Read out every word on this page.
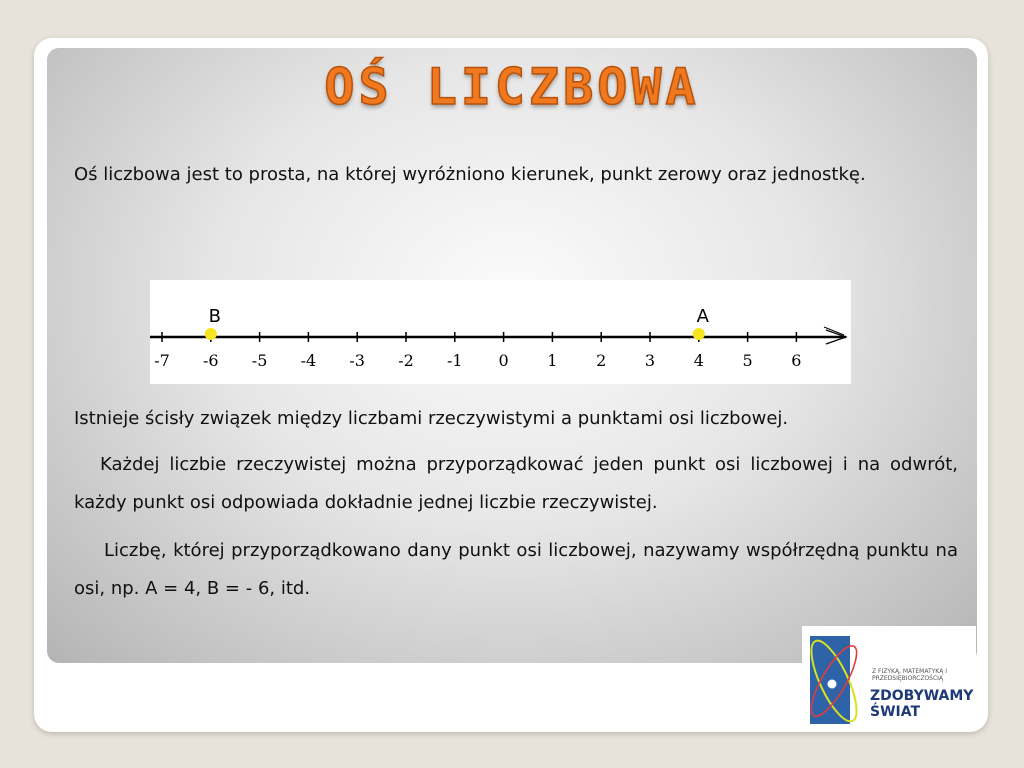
OŚ LICZBOWA
Oś liczbowa jest to prosta, na której wyróżniono kierunek, punkt zerowy oraz jednostkę.
-7 -6 -5 -4 -3 -2 -1 0 1 2 3 4 5 6
B	A
Istnieje ścisły związek między liczbami rzeczywistymi a punktami osi liczbowej.
Każdej liczbie rzeczywistej można przyporządkować jeden punkt osi liczbowej i na odwrót, każdy punkt osi odpowiada dokładnie jednej liczbie rzeczywistej.
Liczbę, której przyporządkowano dany punkt osi liczbowej, nazywamy współrzędną punktu na osi, np. A = 4, B = - 6, itd.
Z FIZYKĄ, MATEMATYKĄ I PRZEDSIĘBIORCZOŚCIĄ
ZDOBYWAMY
ŚWIAT
